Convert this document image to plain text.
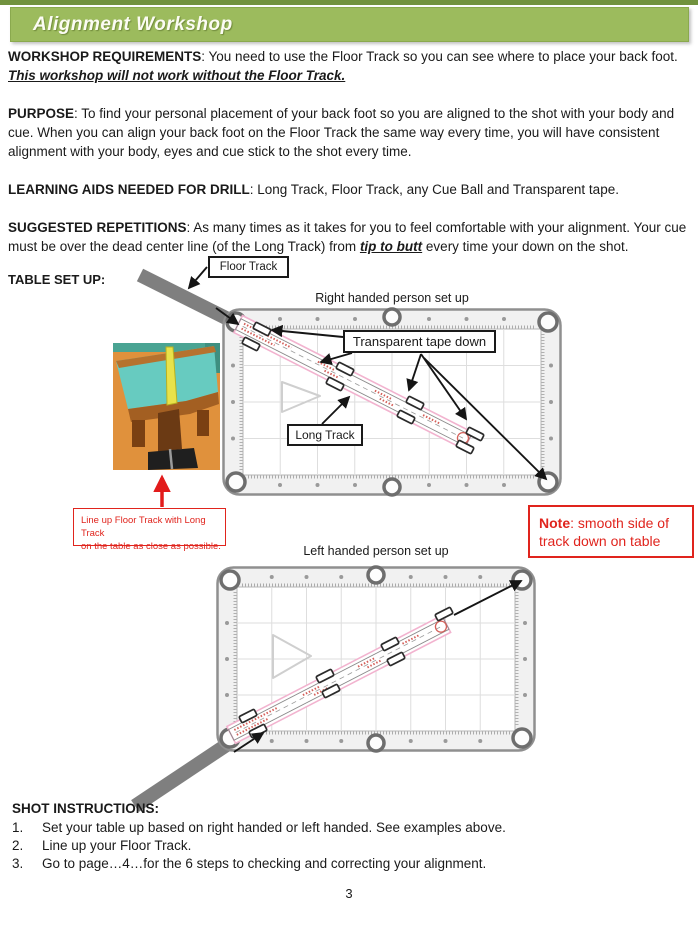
Alignment Workshop

WORKSHOP REQUIREMENTS: You need to use the Floor Track so you can see where to place your back foot.
This workshop will not work without the Floor Track.

PURPOSE: To find your personal placement of your back foot so you are aligned to the shot with your body and cue. When you can align your back foot on the Floor Track the same way every time, you will have consistent alignment with your body, eyes and cue stick to the shot every time.

LEARNING AIDS NEEDED FOR DRILL: Long Track, Floor Track, any Cue Ball and Transparent tape.

SUGGESTED REPETITIONS: As many times as it takes for you to feel comfortable with your alignment. Your cue must be over the dead center line (of the Long Track) from tip to butt every time your down on the shot.

TABLE SET UP:
Floor Track
Right handed person set up
Transparent tape down
Long Track
Line up Floor Track with Long Track
on the table as close as possible.
Note: smooth side of track down on table
Left handed person set up
SHOT INSTRUCTIONS:
1.	Set your table up based on right handed or left handed. See examples above.
2.	Line up your Floor Track.
3.	Go to page…4…for the 6 steps to checking and correcting your alignment.
3
